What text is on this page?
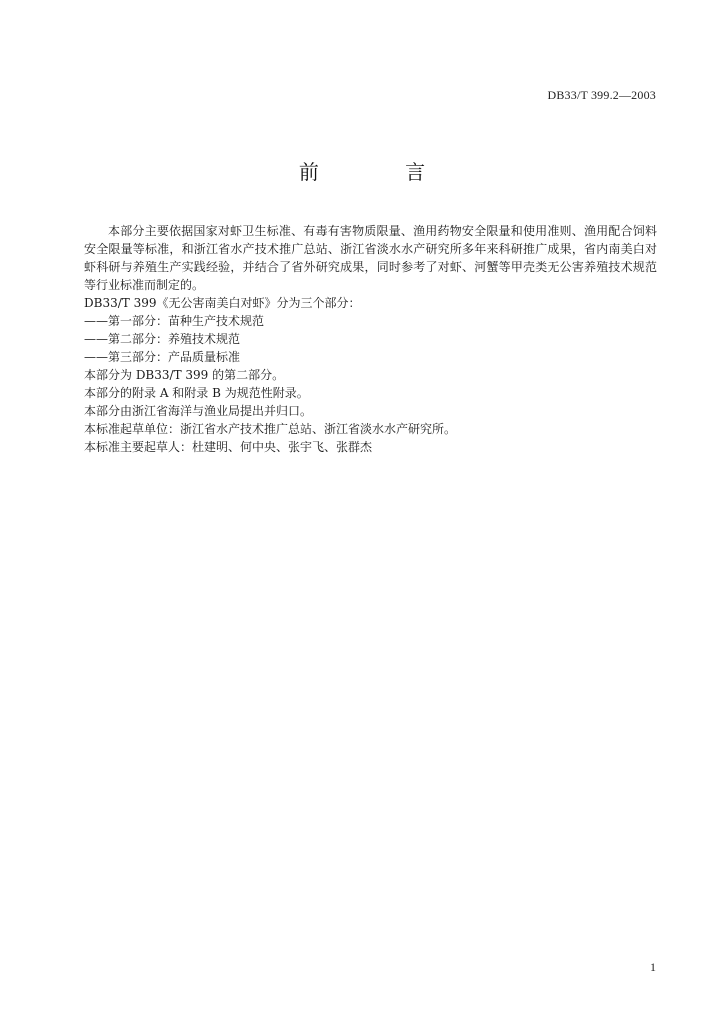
DB33/T 399.2—2003
前 言

本部分主要依据国家对虾卫生标准、有毒有害物质限量、渔用药物安全限量和使用准则、渔用配合饲料安全限量等标准，和浙江省水产技术推广总站、浙江省淡水水产研究所多年来科研推广成果，省内南美白对虾科研与养殖生产实践经验，并结合了省外研究成果，同时参考了对虾、河蟹等甲壳类无公害养殖技术规范等行业标准而制定的。

DB33/T 399《无公害南美白对虾》分为三个部分：

——第一部分：苗种生产技术规范

——第二部分：养殖技术规范

——第三部分：产品质量标准

本部分为 DB33/T 399 的第二部分。

本部分的附录 A 和附录 B 为规范性附录。

本部分由浙江省海洋与渔业局提出并归口。

本标准起草单位：浙江省水产技术推广总站、浙江省淡水水产研究所。

本标准主要起草人：杜建明、何中央、张宇飞、张群杰

1
